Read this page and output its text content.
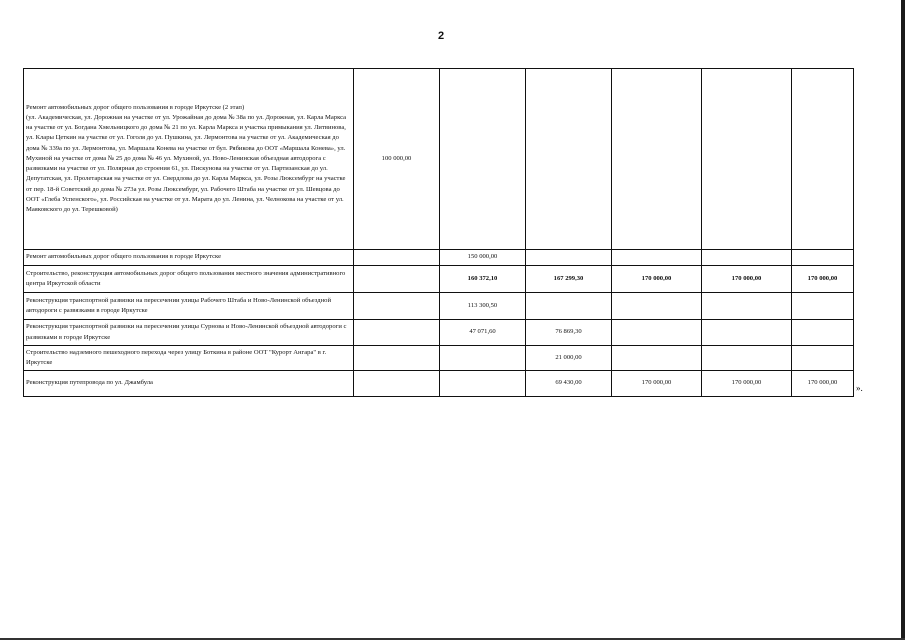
2
Ремонт автомобильных дорог общего пользования в городе Иркутске (2 этап)
(ул. Академическая, ул. Дорожная на участке от ул. Урожайная до дома № 38а по ул. Дорожная, ул. Карла Маркса на участке от ул. Богдана Хмельницкого до дома № 21 по ул. Карла Маркса и участка примыкания ул. Литвинова, ул. Клары Цеткин на участке от ул. Гоголя до ул. Пушкина, ул. Лермонтова на участке от ул. Академическая до дома № 339а по ул. Лермонтова, ул. Маршала Конева на участке от бул. Рябикова до ООТ «Маршала Конева», ул. Мухиной на участке от дома № 25 до дома № 46 ул. Мухиной, ул. Ново-Ленинская объездная автодорога с развязками на участке от ул. Полярная до строения 61, ул. Пискунова на участке от ул. Партизанская до ул. Депутатская, ул. Пролетарская на участке от ул. Свердлова до ул. Карла Маркса, ул. Розы Люксембург на участке от пер. 18-й Советский до дома № 273а ул. Розы Люксембург, ул. Рабочего Штаба на участке от ул. Шевцова до ООТ «Глеба Успенского», ул. Российская на участке от ул. Марата до ул. Ленина, ул. Челнокова на участке от ул. Маяковского до ул. Терешковой)	100 000,00					
Ремонт автомобильных дорог общего пользования в городе Иркутске		150 000,00				
Строительство, реконструкция автомобильных дорог общего пользования местного значения административного центра Иркутской области		160 372,10	167 299,30	170 000,00	170 000,00	170 000,00
Реконструкция транспортной развязки на пересечении улицы Рабочего Штаба и Ново-Ленинской объездной автодороги с развязками в городе Иркутске		113 300,50				
Реконструкция транспортной развязки на пересечении улицы Сурнова и Ново-Ленинской объездной автодороги с развязками в городе Иркутске		47 071,60	76 869,30			
Строительство надземного пешеходного перехода через улицу Боткина в районе ООТ "Курорт Ангара" в г. Иркутске			21 000,00			
Реконструкция путепровода по ул. Джамбула			69 430,00	170 000,00	170 000,00	170 000,00
».
